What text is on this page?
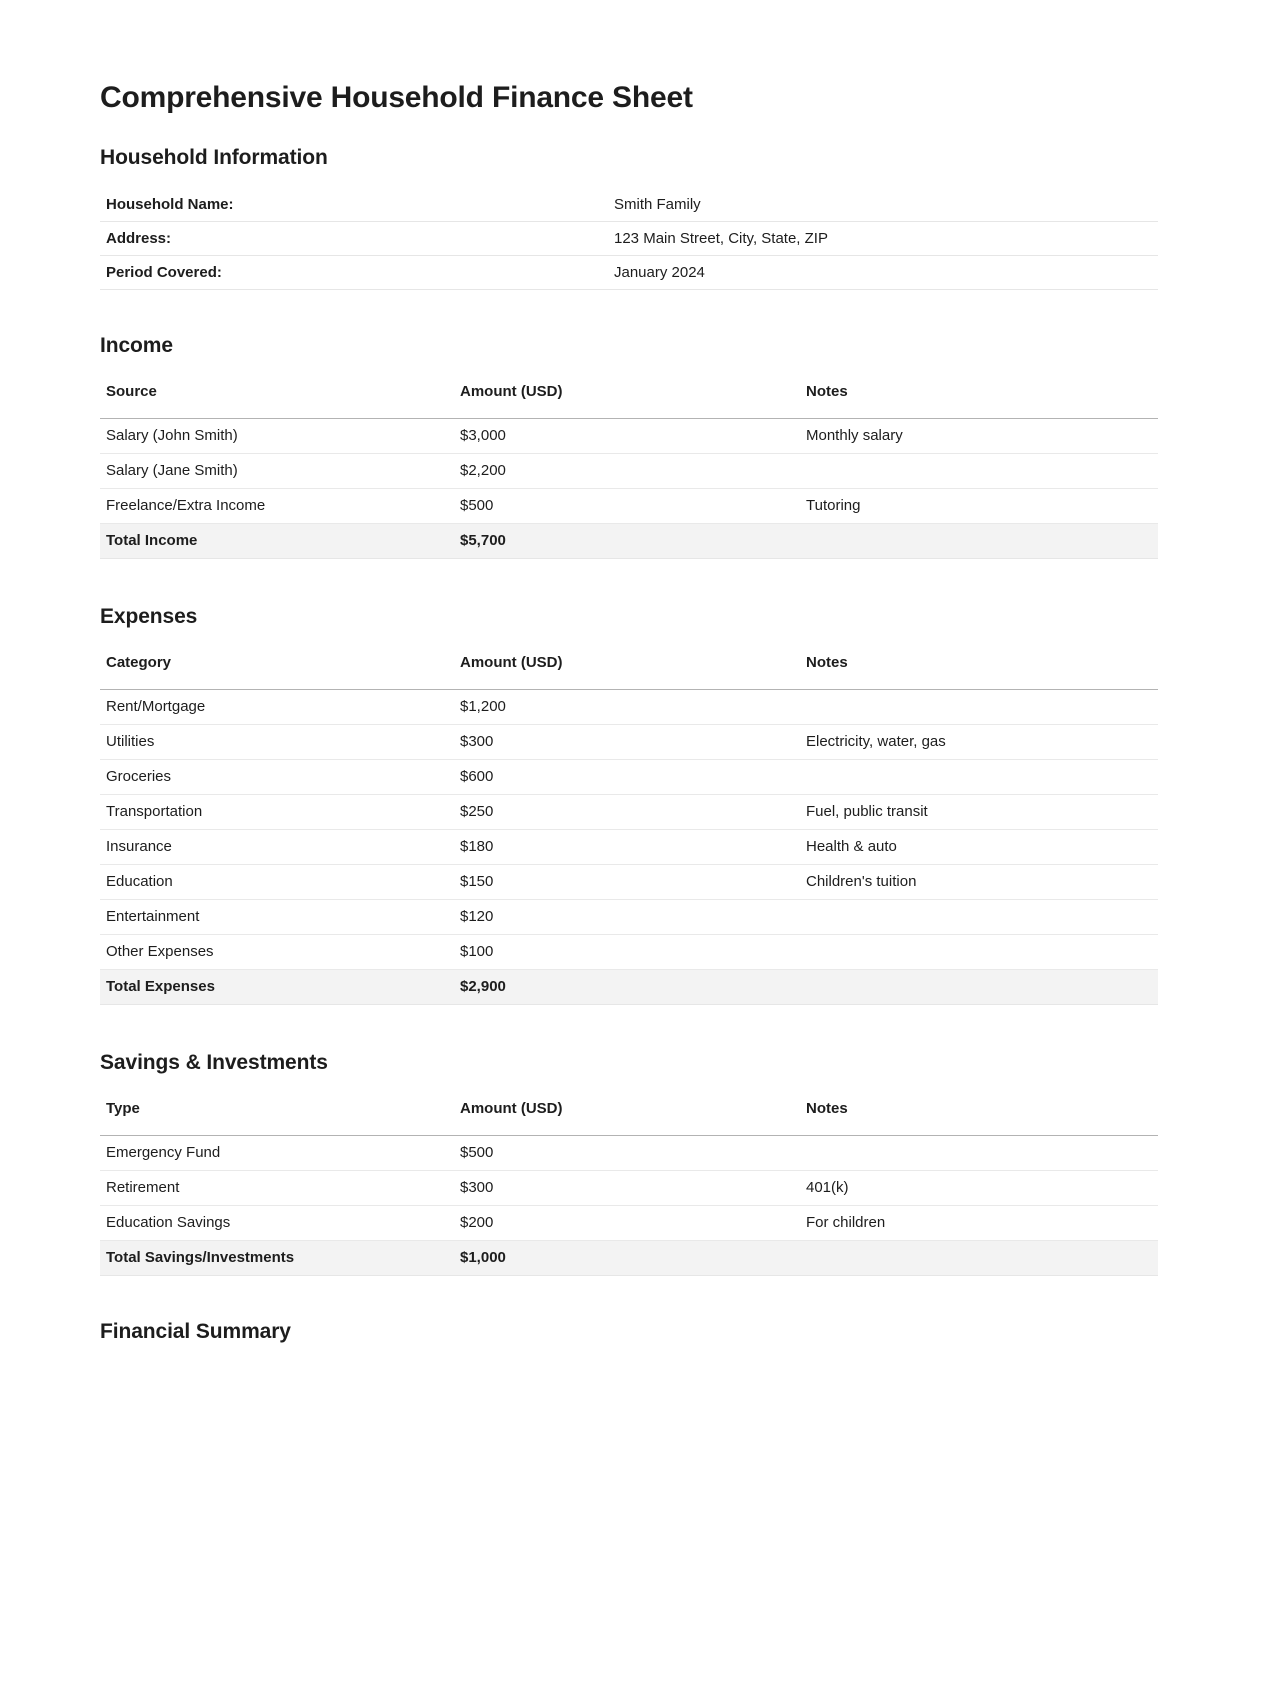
Comprehensive Household Finance Sheet
Household Information
Household Name:	Smith Family
Address:	123 Main Street, City, State, ZIP
Period Covered:	January 2024
Income
Source	Amount (USD)	Notes
Salary (John Smith)	$3,000	Monthly salary
Salary (Jane Smith)	$2,200	
Freelance/Extra Income	$500	Tutoring
Total Income	$5,700	
Expenses
Category	Amount (USD)	Notes
Rent/Mortgage	$1,200	
Utilities	$300	Electricity, water, gas
Groceries	$600	
Transportation	$250	Fuel, public transit
Insurance	$180	Health & auto
Education	$150	Children's tuition
Entertainment	$120	
Other Expenses	$100	
Total Expenses	$2,900	
Savings & Investments
Type	Amount (USD)	Notes
Emergency Fund	$500	
Retirement	$300	401(k)
Education Savings	$200	For children
Total Savings/Investments	$1,000	
Financial Summary
